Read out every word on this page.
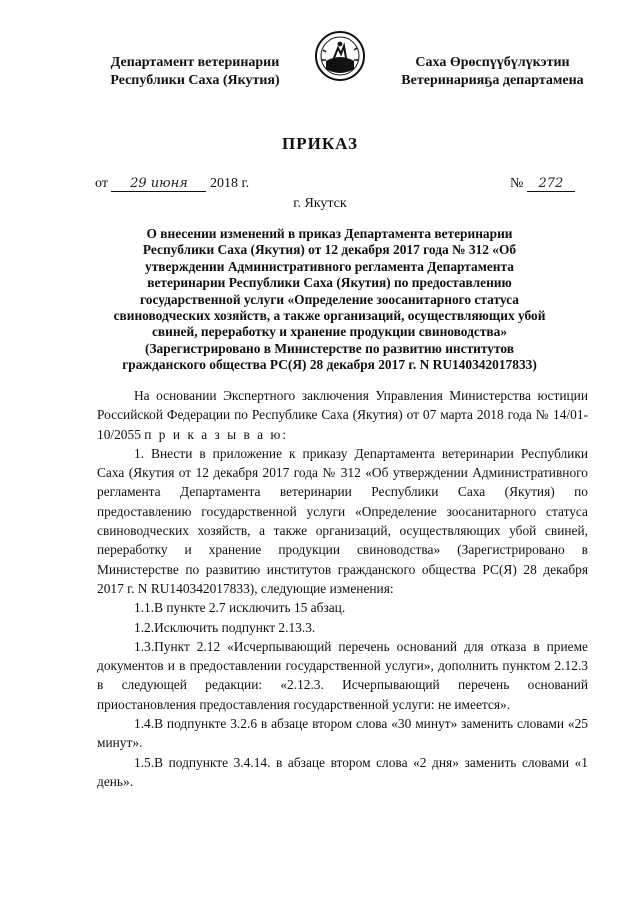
Департамент ветеринарии
Республики Саха (Якутия)
Саха Өрөспүүбүлүкэтин
Ветеринарияҕа департамена
ПРИКАЗ
от 29 июня 2018 г.	№ 272
г. Якутск
О внесении изменений в приказ Департамента ветеринарии Республики Саха (Якутия) от 12 декабря 2017 года № 312 «Об утверждении Административного регламента Департамента ветеринарии Республики Саха (Якутия) по предоставлению государственной услуги «Определение зоосанитарного статуса свиноводческих хозяйств, а также организаций, осуществляющих убой свиней, переработку и хранение продукции свиноводства» (Зарегистрировано в Министерстве по развитию институтов гражданского общества РС(Я) 28 декабря 2017 г. N RU140342017833)

На основании Экспертного заключения Управления Министерства юстиции Российской Федерации по Республике Саха (Якутия) от 07 марта 2018 года № 14/01-10/2055 п р и к а з ы в а ю:

1. Внести в приложение к приказу Департамента ветеринарии Республики Саха (Якутия от 12 декабря 2017 года № 312 «Об утверждении Административного регламента Департамента ветеринарии Республики Саха (Якутия) по предоставлению государственной услуги «Определение зоосанитарного статуса свиноводческих хозяйств, а также организаций, осуществляющих убой свиней, переработку и хранение продукции свиноводства» (Зарегистрировано в Министерстве по развитию институтов гражданского общества РС(Я) 28 декабря 2017 г. N RU140342017833), следующие изменения:

1.1.В пункте 2.7 исключить 15 абзац.

1.2.Исключить подпункт 2.13.3.

1.3.Пункт 2.12 «Исчерпывающий перечень оснований для отказа в приеме документов и в предоставлении государственной услуги», дополнить пунктом 2.12.3 в следующей редакции: «2.12.3. Исчерпывающий перечень оснований приостановления предоставления государственной услуги: не имеется».

1.4.В подпункте 3.2.6 в абзаце втором слова «30 минут» заменить словами «25 минут».

1.5.В подпункте 3.4.14. в абзаце втором слова «2 дня» заменить словами «1 день».
